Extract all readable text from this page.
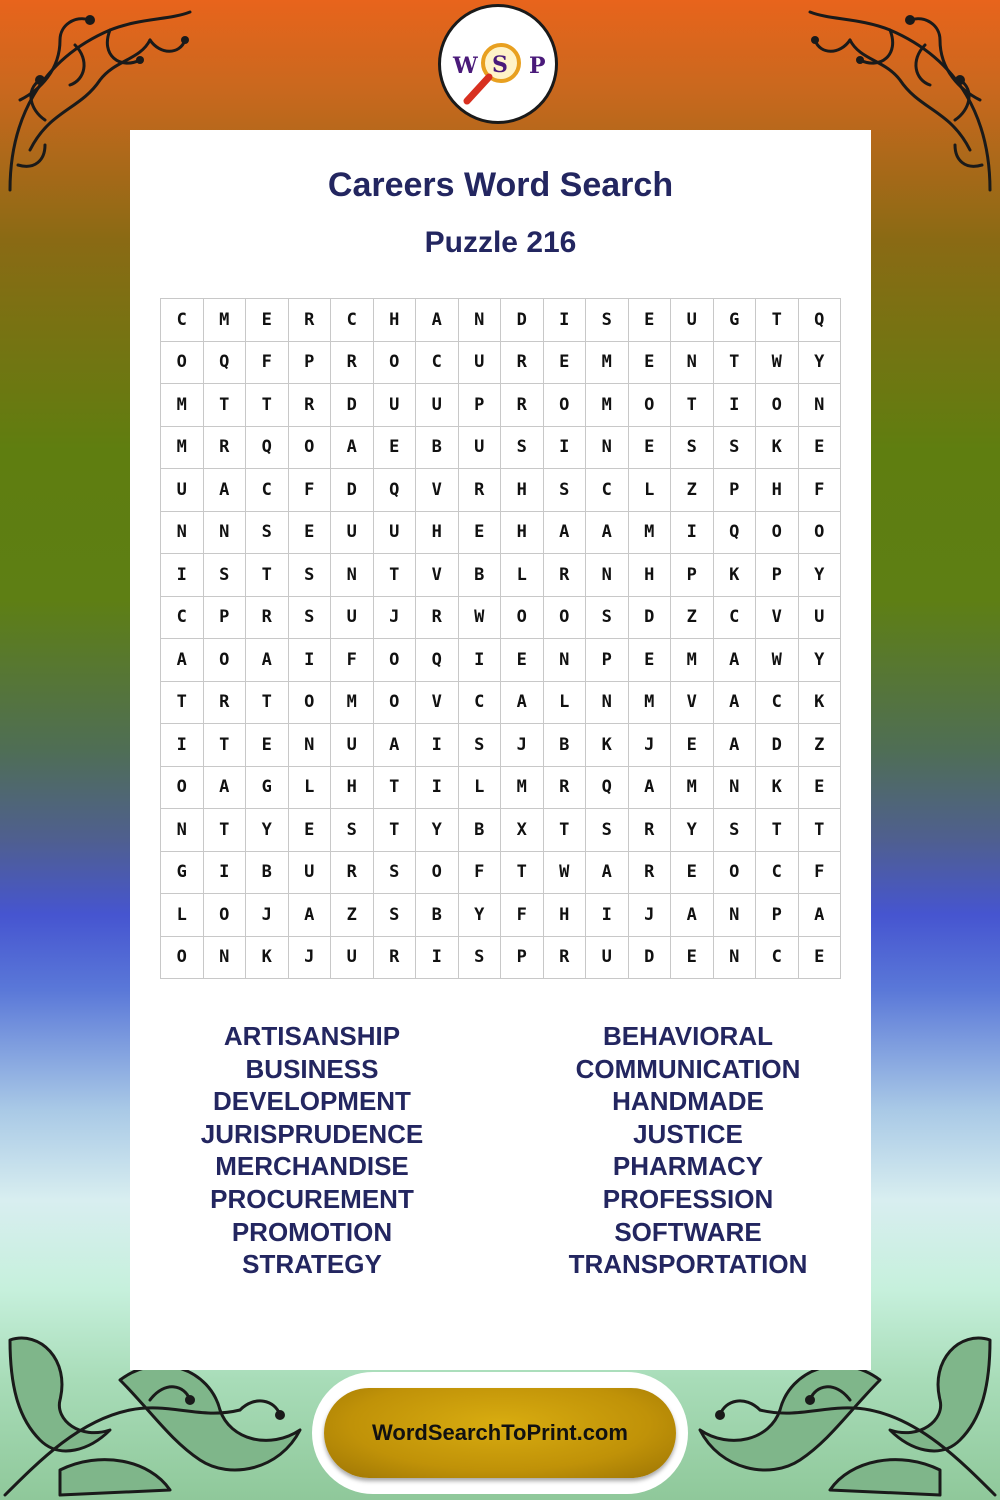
W S P
Careers Word Search
Puzzle 216
C	M	E	R	C	H	A	N	D	I	S	E	U	G	T	Q
O	Q	F	P	R	O	C	U	R	E	M	E	N	T	W	Y
M	T	T	R	D	U	U	P	R	O	M	O	T	I	O	N
M	R	Q	O	A	E	B	U	S	I	N	E	S	S	K	E
U	A	C	F	D	Q	V	R	H	S	C	L	Z	P	H	F
N	N	S	E	U	U	H	E	H	A	A	M	I	Q	O	O
I	S	T	S	N	T	V	B	L	R	N	H	P	K	P	Y
C	P	R	S	U	J	R	W	O	O	S	D	Z	C	V	U
A	O	A	I	F	O	Q	I	E	N	P	E	M	A	W	Y
T	R	T	O	M	O	V	C	A	L	N	M	V	A	C	K
I	T	E	N	U	A	I	S	J	B	K	J	E	A	D	Z
O	A	G	L	H	T	I	L	M	R	Q	A	M	N	K	E
N	T	Y	E	S	T	Y	B	X	T	S	R	Y	S	T	T
G	I	B	U	R	S	O	F	T	W	A	R	E	O	C	F
L	O	J	A	Z	S	B	Y	F	H	I	J	A	N	P	A
O	N	K	J	U	R	I	S	P	R	U	D	E	N	C	E
ARTISANSHIP
BUSINESS
DEVELOPMENT
JURISPRUDENCE
MERCHANDISE
PROCUREMENT
PROMOTION
STRATEGY
BEHAVIORAL
COMMUNICATION
HANDMADE
JUSTICE
PHARMACY
PROFESSION
SOFTWARE
TRANSPORTATION
WordSearchToPrint.com
